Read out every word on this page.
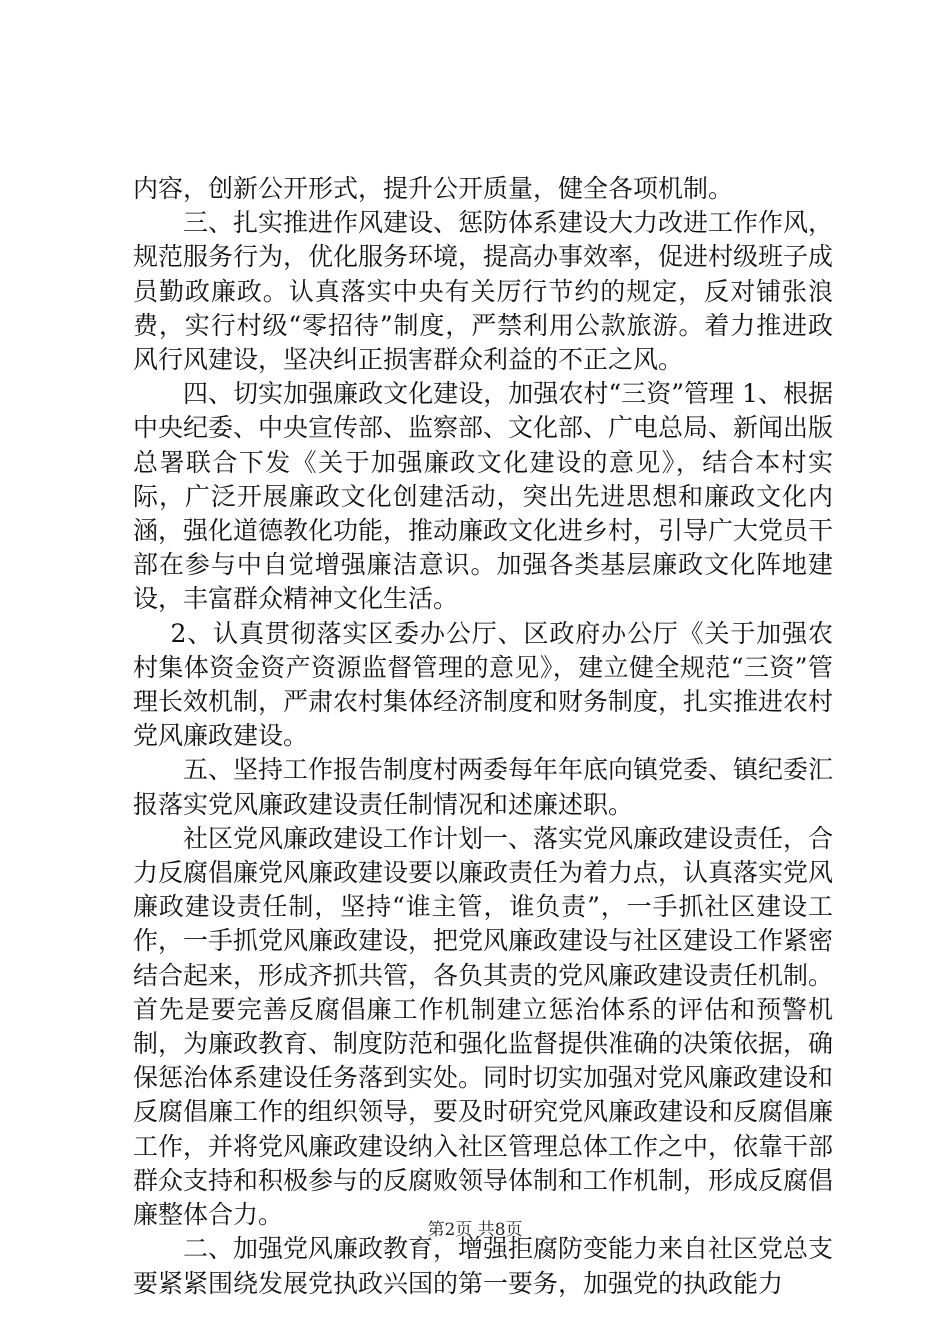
内容，创新公开形式，提升公开质量，健全各项机制。

三、扎实推进作风建设、惩防体系建设大力改进工作作风，规范服务行为，优化服务环境，提高办事效率，促进村级班子成员勤政廉政。认真落实中央有关厉行节约的规定，反对铺张浪费，实行村级“零招待”制度，严禁利用公款旅游。着力推进政风行风建设，坚决纠正损害群众利益的不正之风。

四、切实加强廉政文化建设，加强农村“三资”管理 1、根据中央纪委、中央宣传部、监察部、文化部、广电总局、新闻出版总署联合下发《关于加强廉政文化建设的意见》，结合本村实际，广泛开展廉政文化创建活动，突出先进思想和廉政文化内涵，强化道德教化功能，推动廉政文化进乡村，引导广大党员干部在参与中自觉增强廉洁意识。加强各类基层廉政文化阵地建设，丰富群众精神文化生活。

2、认真贯彻落实区委办公厅、区政府办公厅《关于加强农村集体资金资产资源监督管理的意见》，建立健全规范“三资”管理长效机制，严肃农村集体经济制度和财务制度，扎实推进农村党风廉政建设。

五、坚持工作报告制度村两委每年年底向镇党委、镇纪委汇报落实党风廉政建设责任制情况和述廉述职。

社区党风廉政建设工作计划一、落实党风廉政建设责任，合力反腐倡廉党风廉政建设要以廉政责任为着力点，认真落实党风廉政建设责任制，坚持“谁主管，谁负责”，一手抓社区建设工作，一手抓党风廉政建设，把党风廉政建设与社区建设工作紧密结合起来，形成齐抓共管，各负其责的党风廉政建设责任机制。首先是要完善反腐倡廉工作机制建立惩治体系的评估和预警机制，为廉政教育、制度防范和强化监督提供准确的决策依据，确保惩治体系建设任务落到实处。同时切实加强对党风廉政建设和反腐倡廉工作的组织领导，要及时研究党风廉政建设和反腐倡廉工作，并将党风廉政建设纳入社区管理总体工作之中，依靠干部群众支持和积极参与的反腐败领导体制和工作机制，形成反腐倡廉整体合力。

二、加强党风廉政教育，增强拒腐防变能力来自社区党总支要紧紧围绕发展党执政兴国的第一要务，加强党的执政能力

第2页 共8页
